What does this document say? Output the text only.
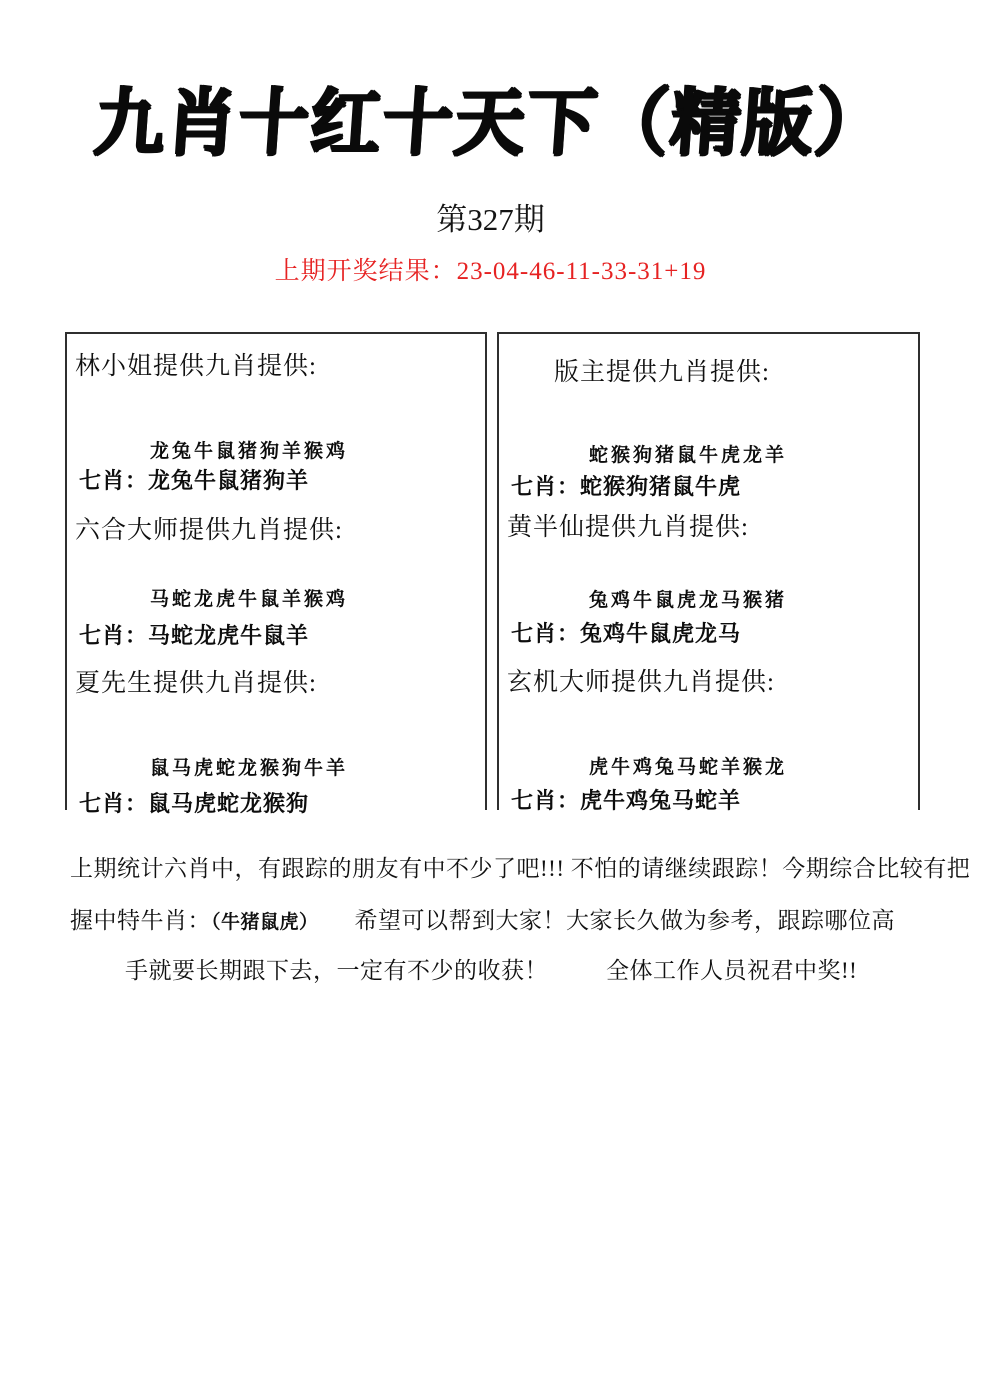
九肖十红十天下（精版）
第327期
上期开奖结果：23-04-46-11-33-31+19
林小姐提供九肖提供:
龙兔牛鼠猪狗羊猴鸡
七肖：龙兔牛鼠猪狗羊
六合大师提供九肖提供:
马蛇龙虎牛鼠羊猴鸡
七肖：马蛇龙虎牛鼠羊
夏先生提供九肖提供:
鼠马虎蛇龙猴狗牛羊
七肖：鼠马虎蛇龙猴狗
版主提供九肖提供:
蛇猴狗猪鼠牛虎龙羊
七肖：蛇猴狗猪鼠牛虎
黄半仙提供九肖提供:
兔鸡牛鼠虎龙马猴猪
七肖：兔鸡牛鼠虎龙马
玄机大师提供九肖提供:
虎牛鸡兔马蛇羊猴龙
七肖：虎牛鸡兔马蛇羊
上期统计六肖中，有跟踪的朋友有中不少了吧!!! 不怕的请继续跟踪！今期综合比较有把
握中特牛肖：（牛猪鼠虎） 希望可以帮到大家！大家长久做为参考，跟踪哪位高
手就要长期跟下去，一定有不少的收获！	全体工作人员祝君中奖!!
